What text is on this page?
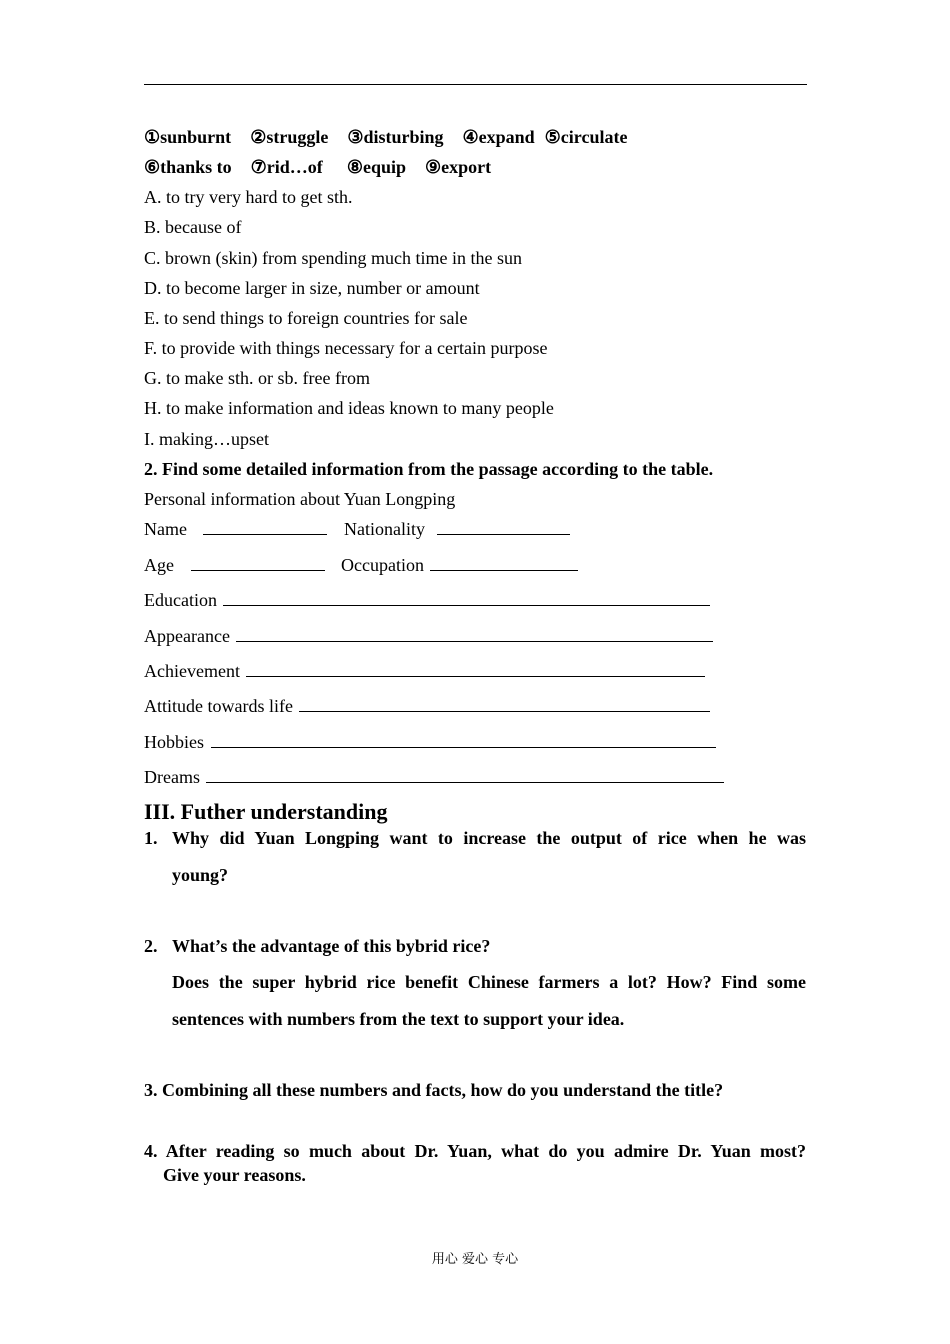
①sunburnt ②struggle ③disturbing ④expand ⑤circulate
⑥thanks to ⑦rid…of ⑧equip ⑨export
A. to try very hard to get sth.
B. because of
C. brown (skin) from spending much time in the sun
D. to become larger in size, number or amount
E. to send things to foreign countries for sale
F. to provide with things necessary for a certain purpose
G. to make sth. or sb. free from
H. to make information and ideas known to many people
I. making…upset
2. Find some detailed information from the passage according to the table.
Personal information about Yuan Longping
Name	Nationality
Age	Occupation
Education
Appearance
Achievement
Attitude towards life
Hobbies
Dreams
III. Futher understanding
1. Why did Yuan Longping want to increase the output of rice when he was
young?
2. What’s the advantage of this bybrid rice?
Does the super hybrid rice benefit Chinese farmers a lot? How? Find some
sentences with numbers from the text to support your idea.
3. Combining all these numbers and facts, how do you understand the title?
4. After reading so much about Dr. Yuan, what do you admire Dr. Yuan most?
Give your reasons.
用心 爱心 专心
